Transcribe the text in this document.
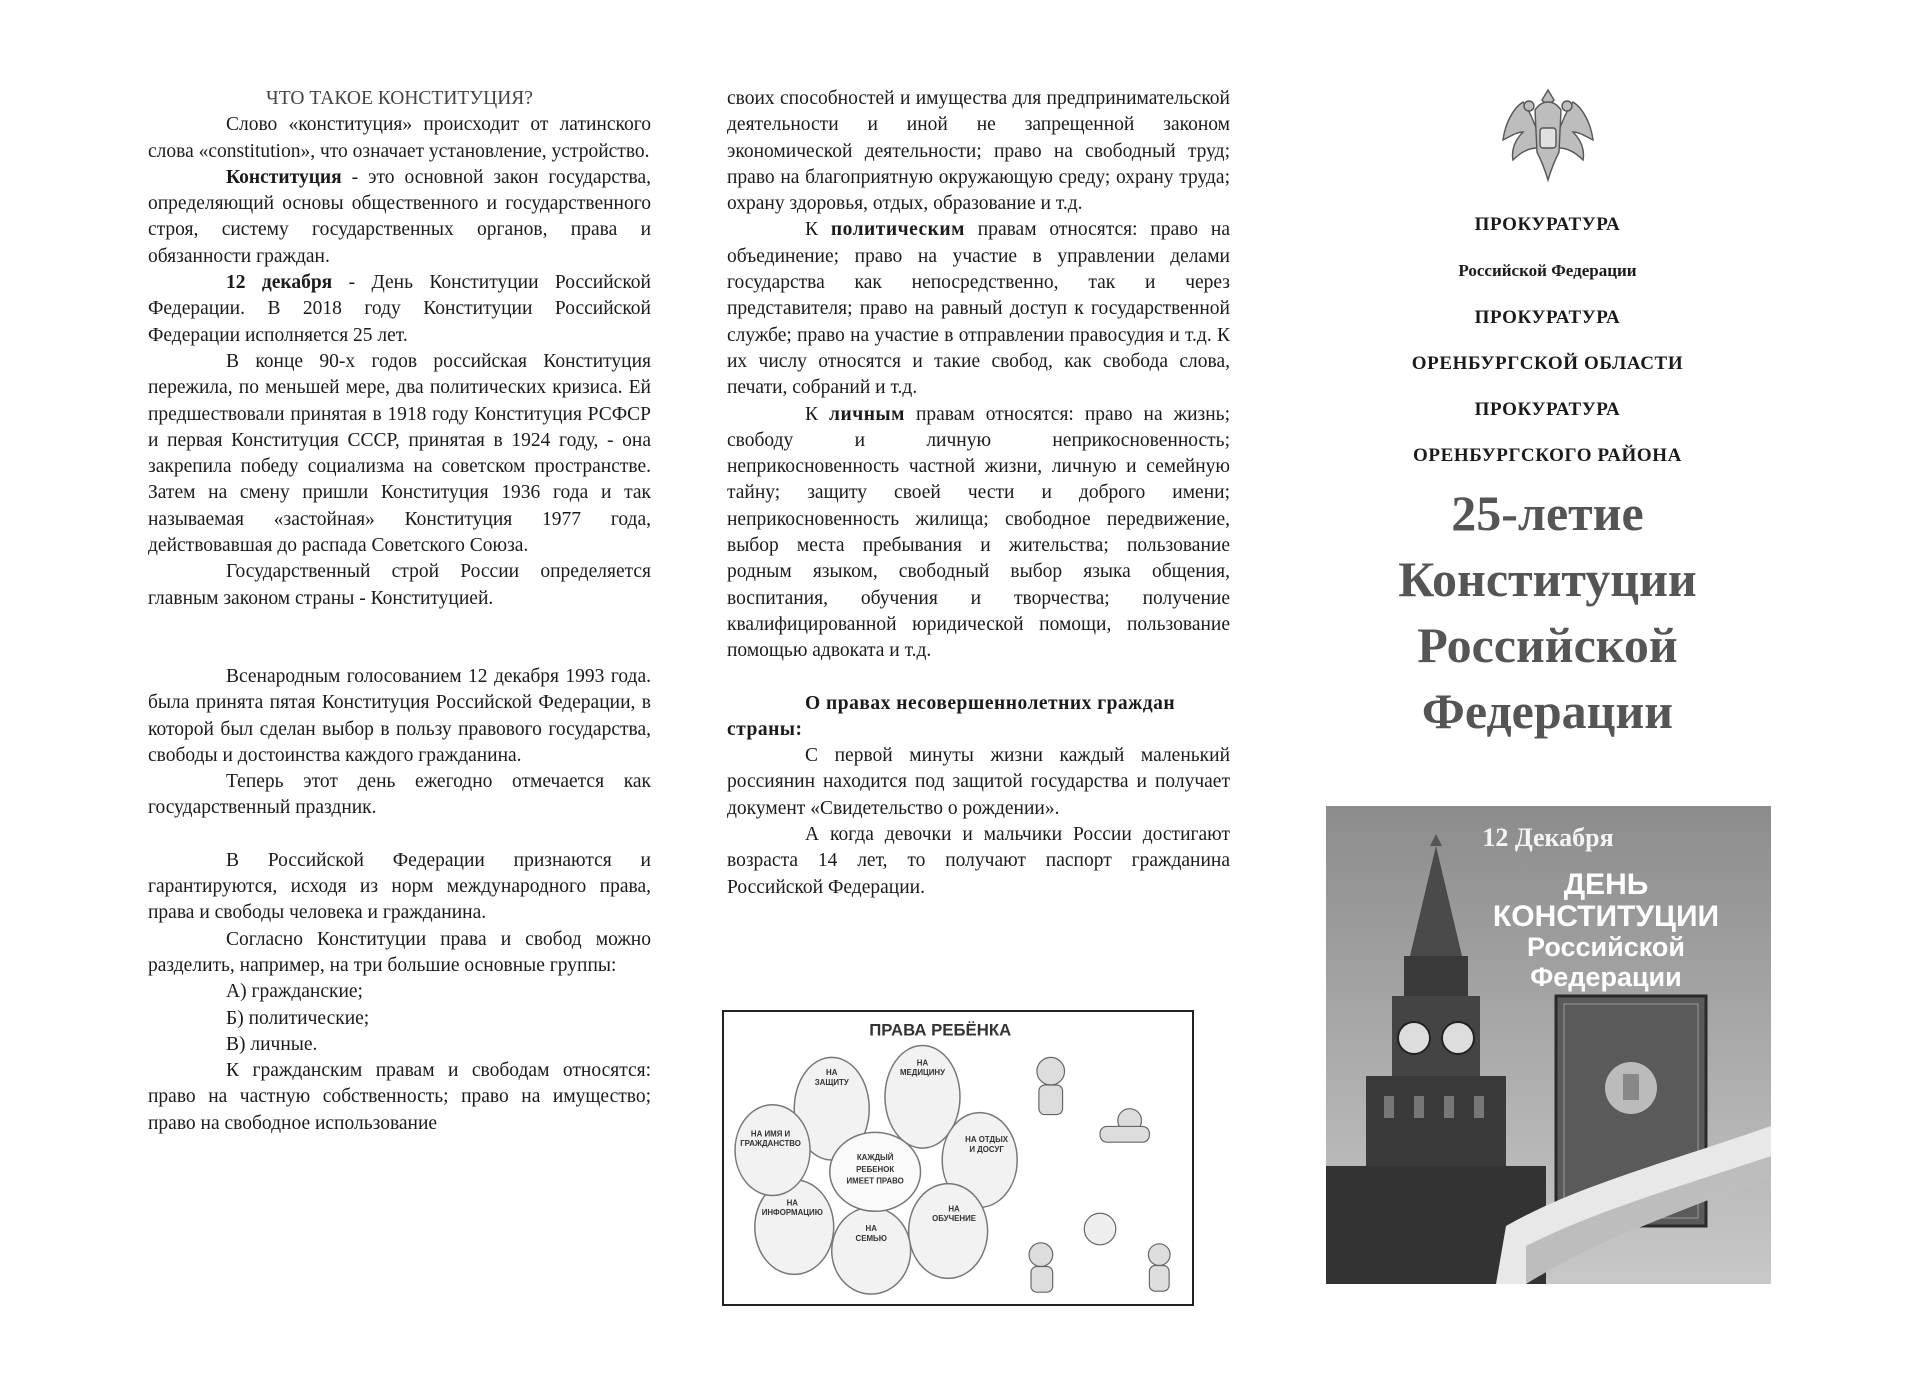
ЧТО ТАКОЕ КОНСТИТУЦИЯ?

Слово «конституция» происходит от латинского слова «constitution», что означает установление, устройство.

Конституция - это основной закон государства, определяющий основы общественного и государственного строя, систему государственных органов, права и обязанности граждан.

12 декабря - День Конституции Российской Федерации. В 2018 году Конституции Российской Федерации исполняется 25 лет.

В конце 90-х годов российская Конституция пережила, по меньшей мере, два политических кризиса. Ей предшествовали принятая в 1918 году Конституция РСФСР и первая Конституция СССР, принятая в 1924 году, - она закрепила победу социализма на советском пространстве. Затем на смену пришли Конституция 1936 года и так называемая «застойная» Конституция 1977 года, действовавшая до распада Советского Союза.

Государственный строй России определяется главным законом страны - Конституцией.

Всенародным голосованием 12 декабря 1993 года. была принята пятая Конституция Российской Федерации, в которой был сделан выбор в пользу правового государства, свободы и достоинства каждого гражданина.

Теперь этот день ежегодно отмечается как государственный праздник.

В Российской Федерации признаются и гарантируются, исходя из норм международного права, права и свободы человека и гражданина.

Согласно Конституции права и свобод можно разделить, например, на три большие основные группы:

А) гражданские;

Б) политические;

В) личные.

К гражданским правам и свободам относятся: право на частную собственность; право на имущество; право на свободное использование

своих способностей и имущества для предпринимательской деятельности и иной не запрещенной законом экономической деятельности; право на свободный труд; право на благоприятную окружающую среду; охрану труда; охрану здоровья, отдых, образование и т.д.

К политическим правам относятся: право на объединение; право на участие в управлении делами государства как непосредственно, так и через представителя; право на равный доступ к государственной службе; право на участие в отправлении правосудия и т.д. К их числу относятся и такие свобод, как свобода слова, печати, собраний и т.д.

К личным правам относятся: право на жизнь; свободу и личную неприкосновенность; неприкосновенность частной жизни, личную и семейную тайну; защиту своей чести и доброго имени; неприкосновенность жилища; свободное передвижение, выбор места пребывания и жительства; пользование родным языком, свободный выбор языка общения, воспитания, обучения и творчества; получение квалифицированной юридической помощи, пользование помощью адвоката и т.д.

О правах несовершеннолетних граждан страны:

С первой минуты жизни каждый маленький россиянин находится под защитой государства и получает документ «Свидетельство о рождении».

А когда девочки и мальчики России достигают возраста 14 лет, то получают паспорт гражданина Российской Федерации.

ПРАВА РЕБЁНКА
КАЖДЫЙ
РЕБЕНОК
ИМЕЕТ ПРАВО
НА
ЗАЩИТУ
НА
МЕДИЦИНУ
НА ОТДЫХ
И ДОСУГ
НА
ОБУЧЕНИЕ
НА
СЕМЬЮ
НА
ИНФОРМАЦИЮ
НА ИМЯ И
ГРАЖДАНСТВО

ПРОКУРАТУРА

Российской Федерации

ПРОКУРАТУРА

ОРЕНБУРГСКОЙ ОБЛАСТИ

ПРОКУРАТУРА

ОРЕНБУРГСКОГО РАЙОНА

25-летие

Конституции

Российской

Федерации

12 Декабря
ДЕНЬ
КОНСТИТУЦИИ
Российской
Федерации
